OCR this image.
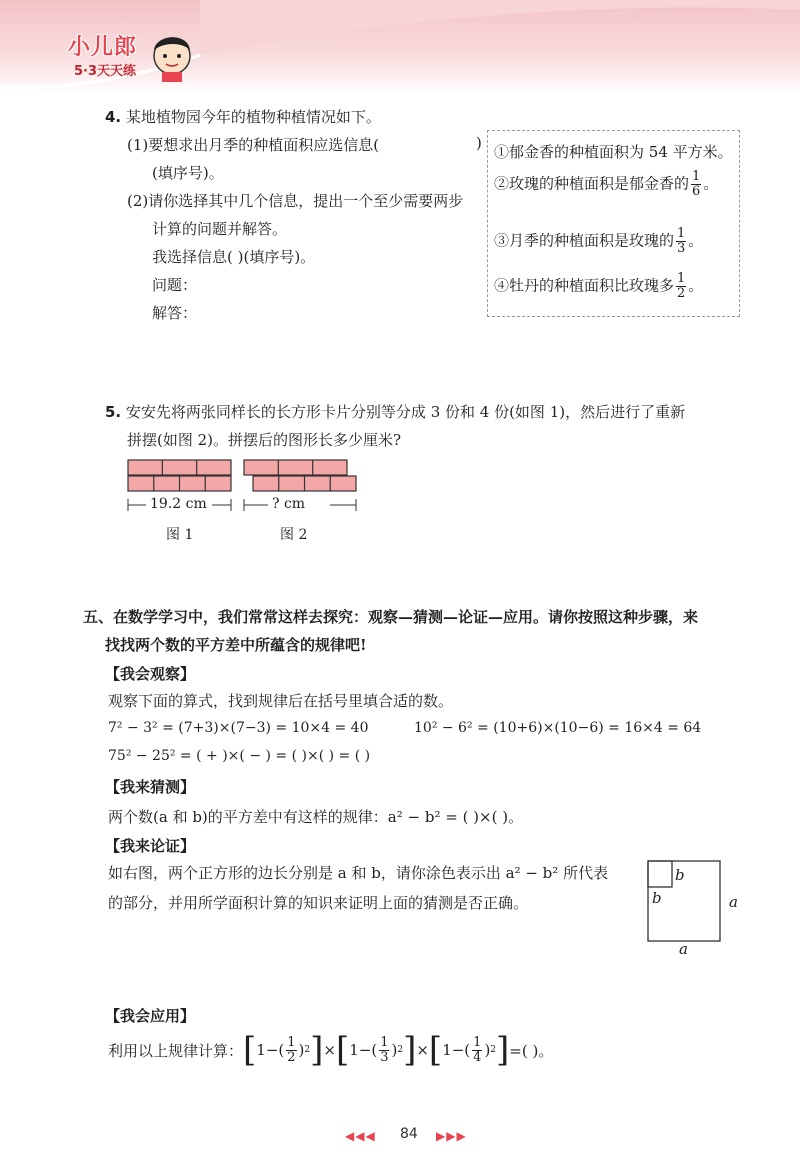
小儿郎
5·3天天练
4. 某地植物园今年的植物种植情况如下。
(1)要想求出月季的种植面积应选信息(	)
(填序号)。
(2)请你选择其中几个信息，提出一个至少需要两步
计算的问题并解答。
我选择信息( )(填序号)。
问题：
解答：
①郁金香的种植面积为 54 平方米。
②玫瑰的种植面积是郁金香的 $\frac{1}{6}$ 。
③月季的种植面积是玫瑰的 $\frac{1}{3}$ 。
④牡丹的种植面积比玫瑰多 $\frac{1}{2}$ 。
5. 安安先将两张同样长的长方形卡片分别等分成 3 份和 4 份(如图 1)，然后进行了重新
拼摆(如图 2)。拼摆后的图形长多少厘米?
19.2 cm	? cm
图 1	图 2
五、在数学学习中，我们常常这样去探究：观察—猜测—论证—应用。请你按照这种步骤，来
找找两个数的平方差中所蕴含的规律吧!
【我会观察】
观察下面的算式，找到规律后在括号里填合适的数。
7² − 3² = (7+3)×(7−3) = 10×4 = 40	10² − 6² = (10+6)×(10−6) = 16×4 = 64
75² − 25² = ( + )×( − ) = ( )×( ) = ( )
【我来猜测】
两个数(a 和 b)的平方差中有这样的规律：a² − b² = ( )×( )。
【我来论证】
如右图，两个正方形的边长分别是 a 和 b，请你涂色表示出 a² − b² 所代表
的部分，并用所学面积计算的知识来证明上面的猜测是否正确。
b
b	a
a
【我会应用】
利用以上规律计算： [ $1-( \frac{1}{2}$ ) 2 ] × [ $1-( \frac{1}{3}$ ) 2 ] × [ $1-( \frac{1}{4}$ ) 2 ] =( )。
◀◀◀ 84 ▶▶▶
